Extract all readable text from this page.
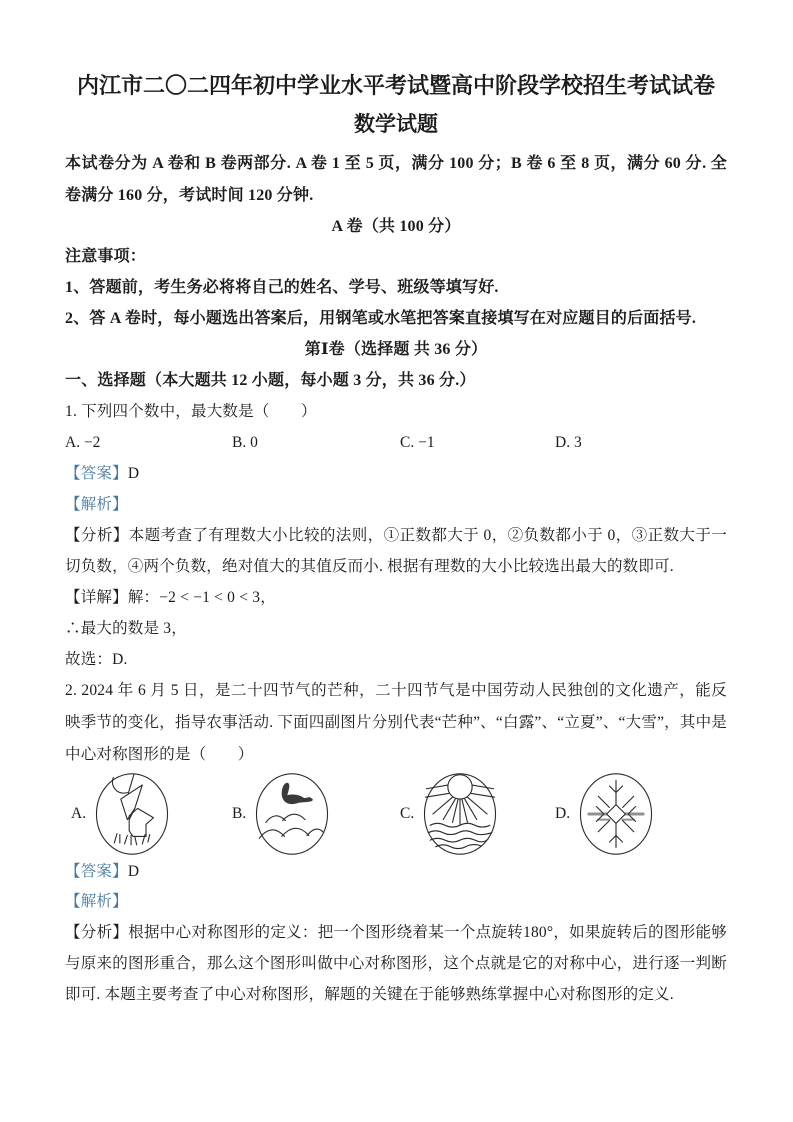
内江市二〇二四年初中学业水平考试暨高中阶段学校招生考试试卷
数学试题

本试卷分为 A 卷和 B 卷两部分. A 卷 1 至 5 页，满分 100 分；B 卷 6 至 8 页，满分 60 分. 全卷满分 160 分，考试时间 120 分钟.

A 卷（共 100 分）

注意事项：

1、答题前，考生务必将将自己的姓名、学号、班级等填写好.

2、答 A 卷时，每小题选出答案后，用钢笔或水笔把答案直接填写在对应题目的后面括号.

第Ⅰ卷（选择题 共 36 分）

一、选择题（本大题共 12 小题，每小题 3 分，共 36 分.）

1. 下列四个数中，最大数是（　　）

A. −2	B. 0	C. −1	D. 3

【答案】D

【解析】

【分析】本题考查了有理数大小比较的法则，①正数都大于 0，②负数都小于 0，③正数大于一切负数，④两个负数，绝对值大的其值反而小. 根据有理数的大小比较选出最大的数即可.

【详解】解：−2 < −1 < 0 < 3，

∴最大的数是 3，

故选：D.

2. 2024 年 6 月 5 日，是二十四节气的芒种，二十四节气是中国劳动人民独创的文化遗产，能反映季节的变化，指导农事活动. 下面四副图片分别代表“芒种”、“白露”、“立夏”、“大雪”，其中是中心对称图形的是（　　）

A.	B.	C.	D.

【答案】D

【解析】

【分析】根据中心对称图形的定义：把一个图形绕着某一个点旋转180°，如果旋转后的图形能够与原来的图形重合，那么这个图形叫做中心对称图形，这个点就是它的对称中心，进行逐一判断即可. 本题主要考查了中心对称图形，解题的关键在于能够熟练掌握中心对称图形的定义.
